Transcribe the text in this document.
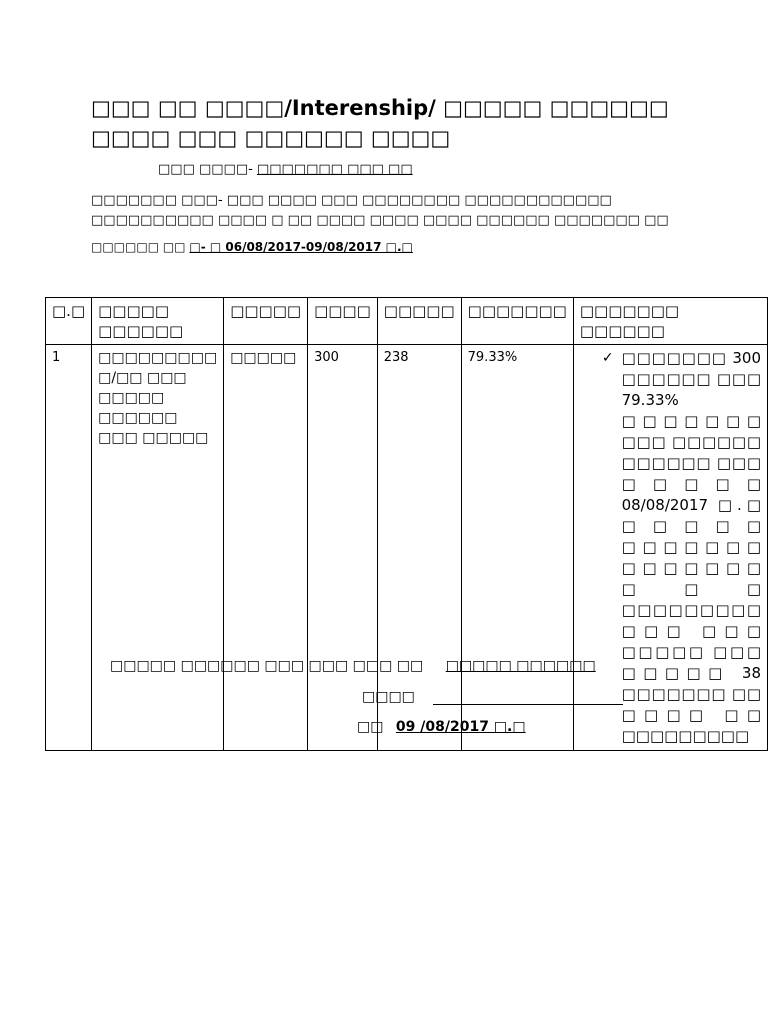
□□□ □□ □□□□/Interenship/ □□□□□ □□□□□□ □□□□ □□□ □□□□□□ □□□□
□□□ □□□□- □□□□□□□ □□□ □□
□□□□□□□ □□□- □□□ □□□□ □□□ □□□□□□□□ □□□□□□□□□□□□ □□□□□□□□□□ □□□□ □ □□ □□□□ □□□□ □□□□ □□□□□□ □□□□□□□ □□
□□□□□□ □□ □- □ 06/08/2017-09/08/2017 □.□
□.□	□□□□□ □□□□□□	□□□□□	□□□□	□□□□□	□□□□□□□	□□□□□□□ □□□□□□
1	□□□□□□□□□ □/□□ □□□ □□□□□ □□□□□□ □□□ □□□□□	□□□□□	300	238	79.33%	✓ □□□□□□□ 300 □□□□□□ □□□ 79.33% □□□□□□□ □□□ □□□□□□ □□□□□□ □□□ □□□□□ 08/08/2017 □.□ □□□□□ □□□□□□□ □□□□□□□ □□□ □□□□□□□□□ □□□ □□□ □□□□□ □□□ □□□□□ 38 □□□□□□□ □□ □□□□ □□ □□□□□□□□□
□□□□□ □□□□□□ □□□ □□□ □□□ □□ □□□□□ □□□□□□
□□□□
□□ 09 /08/2017 □.□
